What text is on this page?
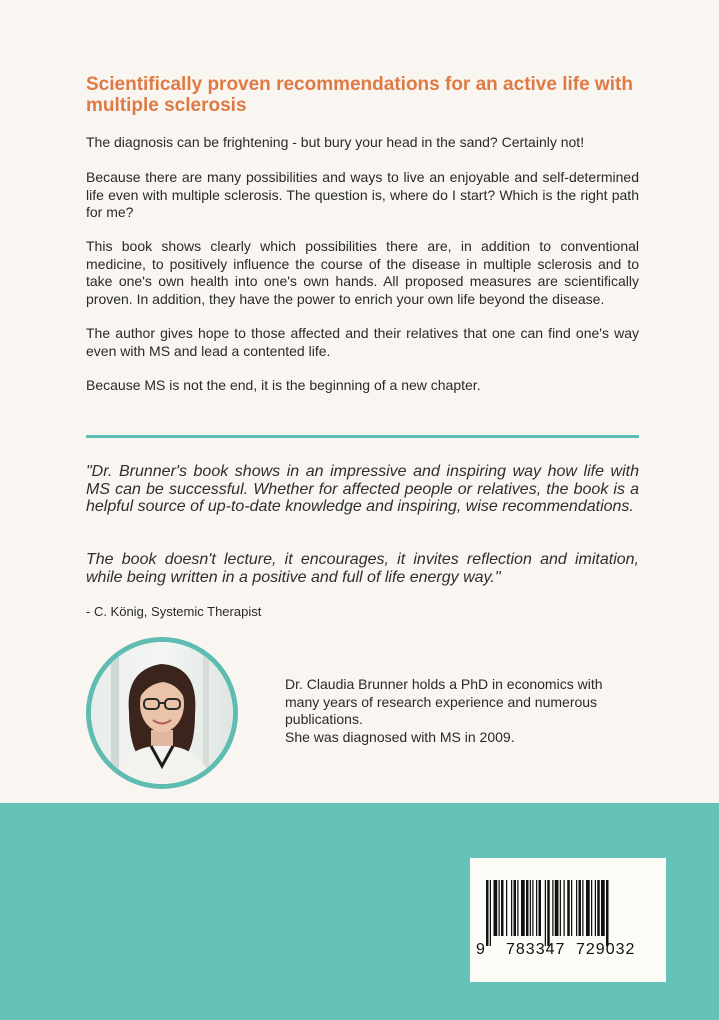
Scientifically proven recommendations for an active life with multiple sclerosis

The diagnosis can be frightening - but bury your head in the sand? Certainly not!

Because there are many possibilities and ways to live an enjoyable and self-determined life even with multiple sclerosis. The question is, where do I start? Which is the right path for me?

This book shows clearly which possibilities there are, in addition to conventional medicine, to positively influence the course of the disease in multiple sclerosis and to take one's own health into one's own hands. All proposed measures are scientifically proven. In addition, they have the power to enrich your own life beyond the disease.

The author gives hope to those affected and their relatives that one can find one's way even with MS and lead a contented life.

Because MS is not the end, it is the beginning of a new chapter.

"Dr. Brunner's book shows in an impressive and inspiring way how life with MS can be successful. Whether for affected people or relatives, the book is a helpful source of up-to-date knowledge and inspiring, wise recommendations.

The book doesn't lecture, it encourages, it invites reflection and imitation, while being written in a positive and full of life energy way."

- C. König, Systemic Therapist

Dr. Claudia Brunner holds a PhD in economics with many years of research experience and numerous publications.
She was diagnosed with MS in 2009.

9 783347 729032
